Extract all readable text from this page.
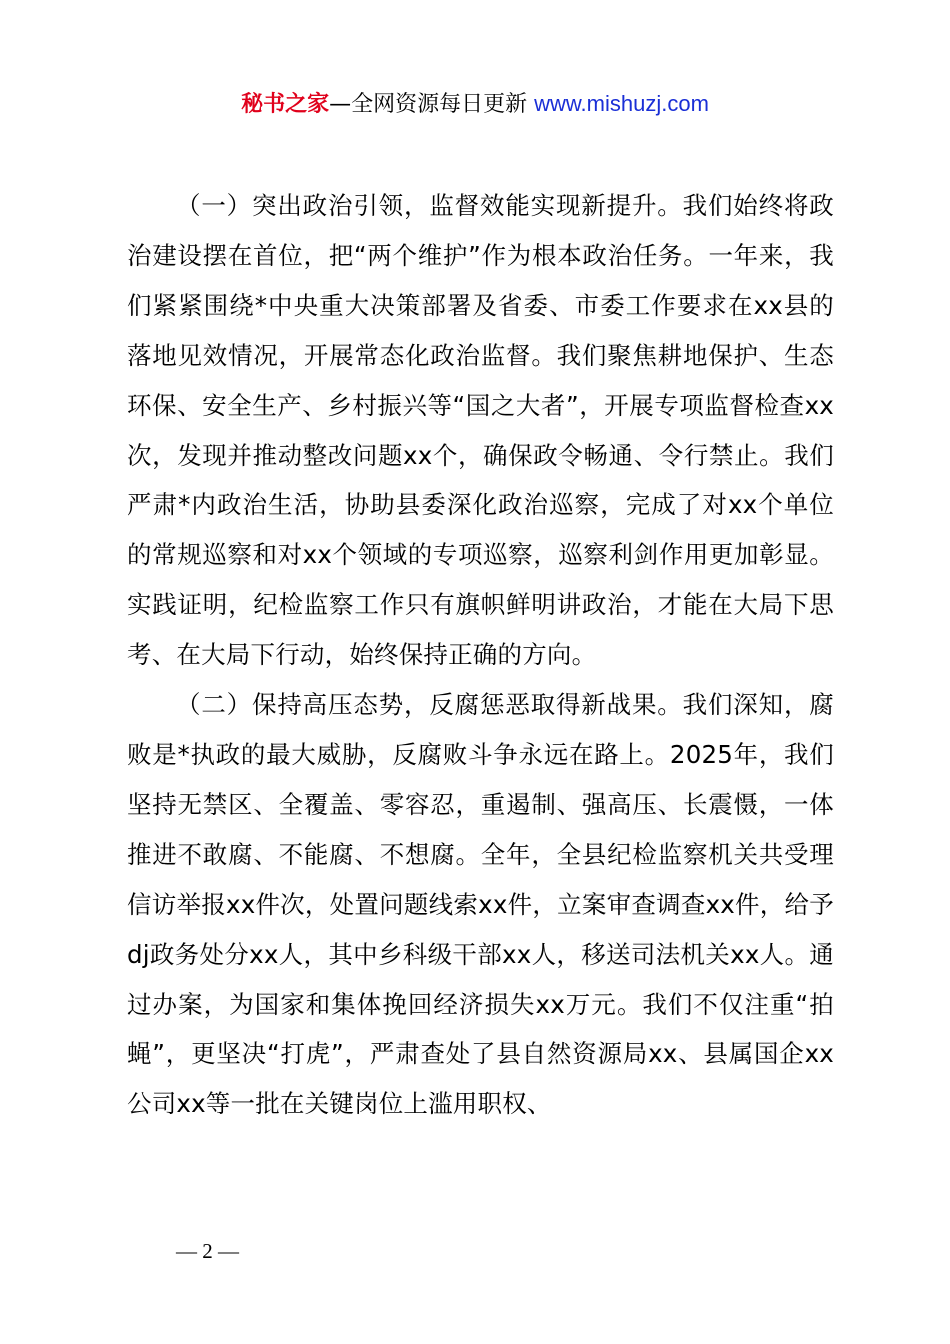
秘书之家—全网资源每日更新 www.mishuzj.com

（一）突出政治引领，监督效能实现新提升。我们始终将政治建设摆在首位，把“两个维护”作为根本政治任务。一年来，我们紧紧围绕*中央重大决策部署及省委、市委工作要求在xx县的落地见效情况，开展常态化政治监督。我们聚焦耕地保护、生态环保、安全生产、乡村振兴等“国之大者”，开展专项监督检查xx次，发现并推动整改问题xx个，确保政令畅通、令行禁止。我们严肃*内政治生活，协助县委深化政治巡察，完成了对xx个单位的常规巡察和对xx个领域的专项巡察，巡察利剑作用更加彰显。实践证明，纪检监察工作只有旗帜鲜明讲政治，才能在大局下思考、在大局下行动，始终保持正确的方向。

（二）保持高压态势，反腐惩恶取得新战果。我们深知，腐败是*执政的最大威胁，反腐败斗争永远在路上。2025年，我们坚持无禁区、全覆盖、零容忍，重遏制、强高压、长震慑，一体推进不敢腐、不能腐、不想腐。全年，全县纪检监察机关共受理信访举报xx件次，处置问题线索xx件，立案审查调查xx件，给予dj政务处分xx人，其中乡科级干部xx人，移送司法机关xx人。通过办案，为国家和集体挽回经济损失xx万元。我们不仅注重“拍蝇”，更坚决“打虎”，严肃查处了县自然资源局xx、县属国企xx公司xx等一批在关键岗位上滥用职权、

— 2 —
